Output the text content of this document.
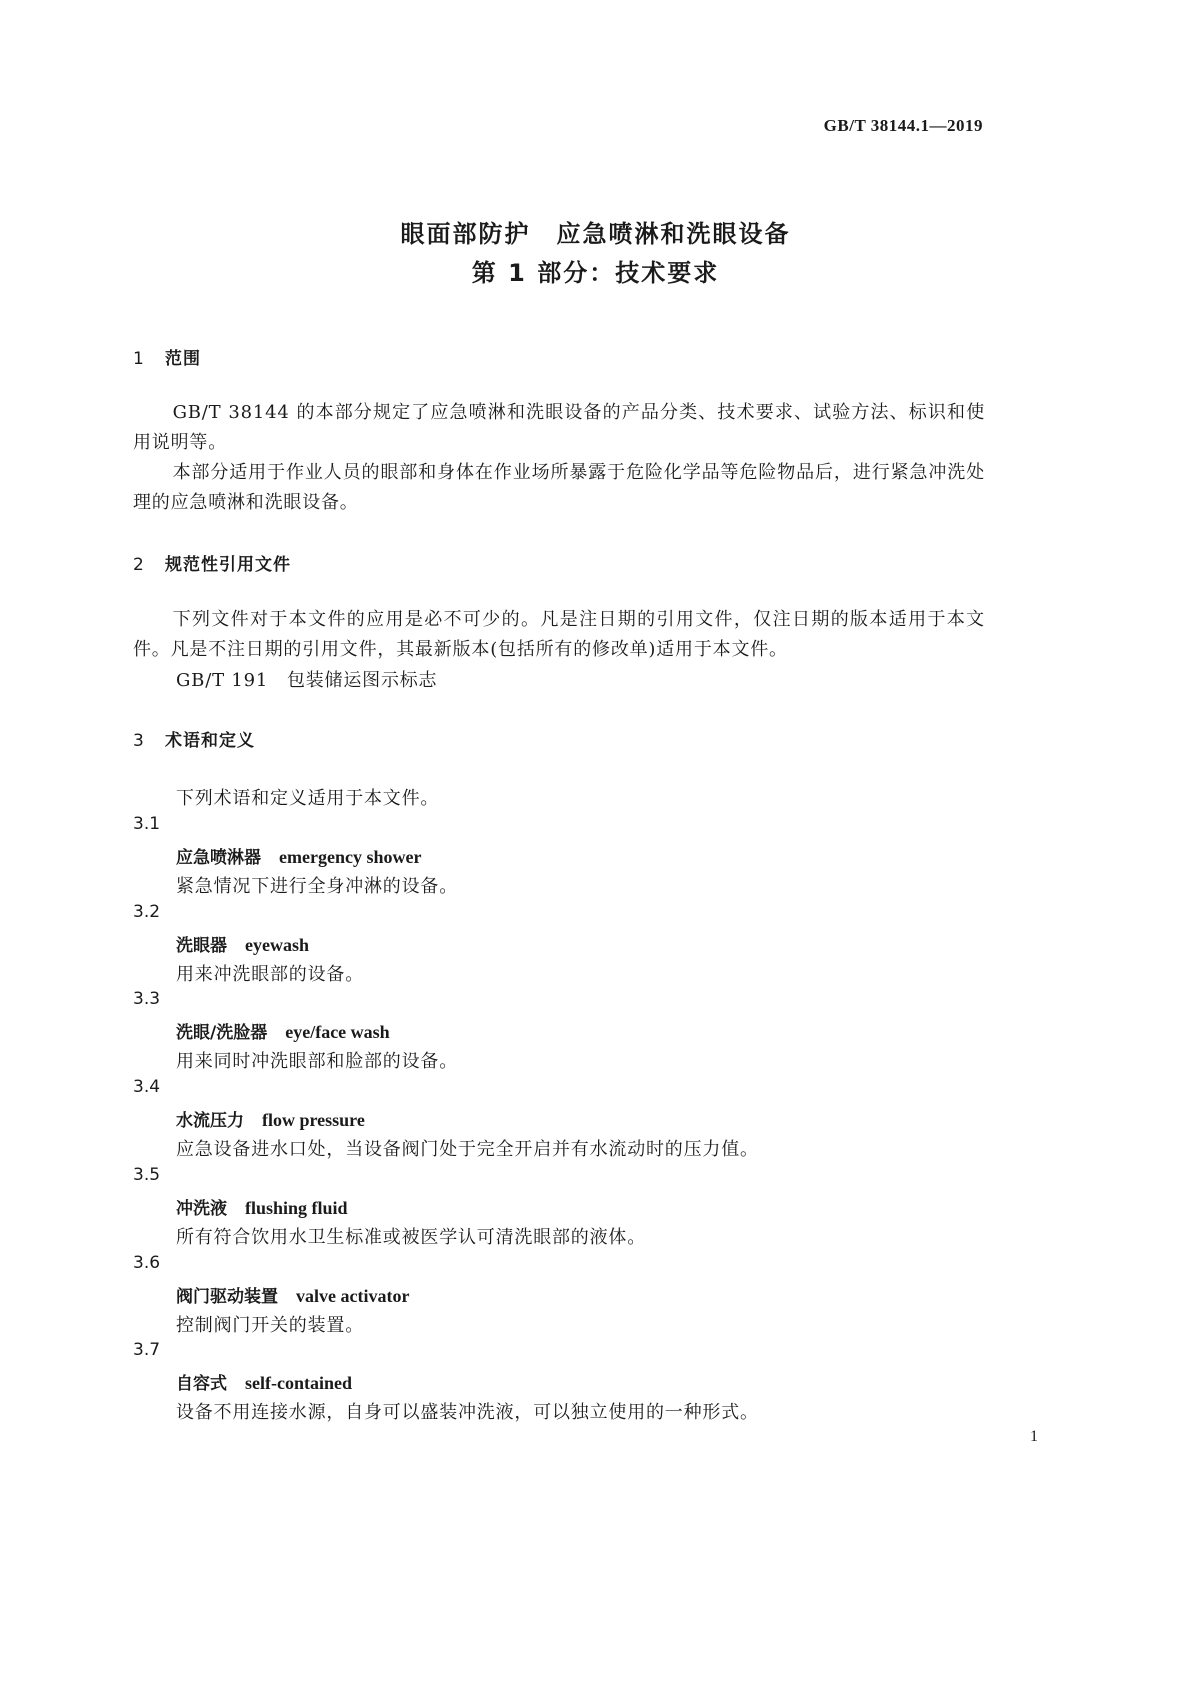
GB/T 38144.1—2019
眼面部防护　应急喷淋和洗眼设备
第 1 部分：技术要求
1 范围
GB/T 38144 的本部分规定了应急喷淋和洗眼设备的产品分类、技术要求、试验方法、标识和使用说明等。
本部分适用于作业人员的眼部和身体在作业场所暴露于危险化学品等危险物品后，进行紧急冲洗处理的应急喷淋和洗眼设备。
2 规范性引用文件
下列文件对于本文件的应用是必不可少的。凡是注日期的引用文件，仅注日期的版本适用于本文件。凡是不注日期的引用文件，其最新版本(包括所有的修改单)适用于本文件。
GB/T 191　包装储运图示标志
3 术语和定义
下列术语和定义适用于本文件。
3.1
应急喷淋器 emergency shower
紧急情况下进行全身冲淋的设备。
3.2
洗眼器 eyewash
用来冲洗眼部的设备。
3.3
洗眼/洗脸器 eye/face wash
用来同时冲洗眼部和脸部的设备。
3.4
水流压力 flow pressure
应急设备进水口处，当设备阀门处于完全开启并有水流动时的压力值。
3.5
冲洗液 flushing fluid
所有符合饮用水卫生标准或被医学认可清洗眼部的液体。
3.6
阀门驱动装置 valve activator
控制阀门开关的装置。
3.7
自容式 self-contained
设备不用连接水源，自身可以盛装冲洗液，可以独立使用的一种形式。
1
